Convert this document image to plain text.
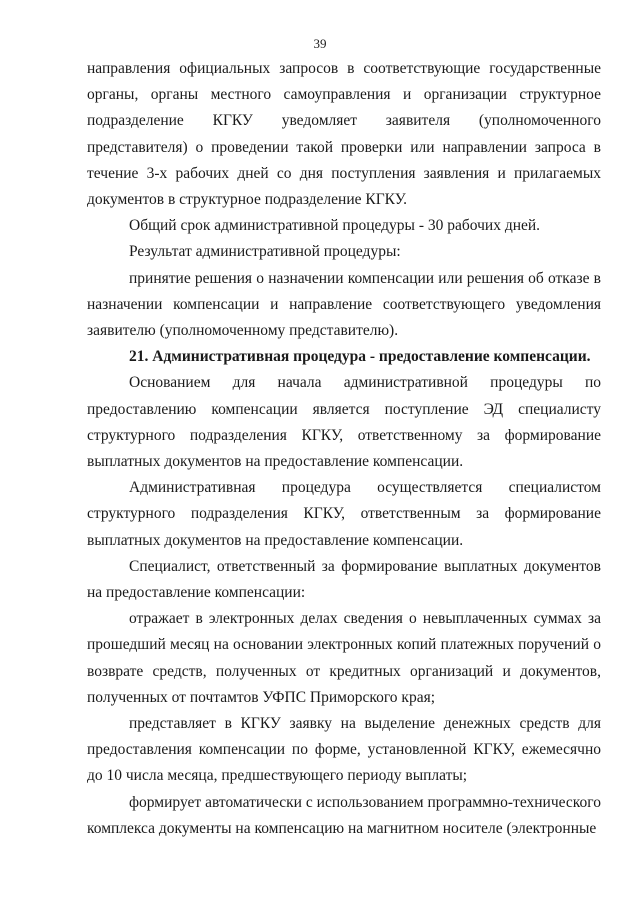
39

направления официальных запросов в соответствующие государственные органы, органы местного самоуправления и организации структурное подразделение КГКУ уведомляет заявителя (уполномоченного представителя) о проведении такой проверки или направлении запроса в течение 3-х рабочих дней со дня поступления заявления и прилагаемых документов в структурное подразделение КГКУ.

Общий срок административной процедуры - 30 рабочих дней.

Результат административной процедуры:

принятие решения о назначении компенсации или решения об отказе в назначении компенсации и направление соответствующего уведомления заявителю (уполномоченному представителю).

21. Административная процедура - предоставление компенсации.

Основанием для начала административной процедуры по предоставлению компенсации является поступление ЭД специалисту структурного подразделения КГКУ, ответственному за формирование выплатных документов на предоставление компенсации.

Административная процедура осуществляется специалистом структурного подразделения КГКУ, ответственным за формирование выплатных документов на предоставление компенсации.

Специалист, ответственный за формирование выплатных документов на предоставление компенсации:

отражает в электронных делах сведения о невыплаченных суммах за прошедший месяц на основании электронных копий платежных поручений о возврате средств, полученных от кредитных организаций и документов, полученных от почтамтов УФПС Приморского края;

представляет в КГКУ заявку на выделение денежных средств для предоставления компенсации по форме, установленной КГКУ, ежемесячно до 10 числа месяца, предшествующего периоду выплаты;

формирует автоматически с использованием программно-технического комплекса документы на компенсацию на магнитном носителе (электронные
